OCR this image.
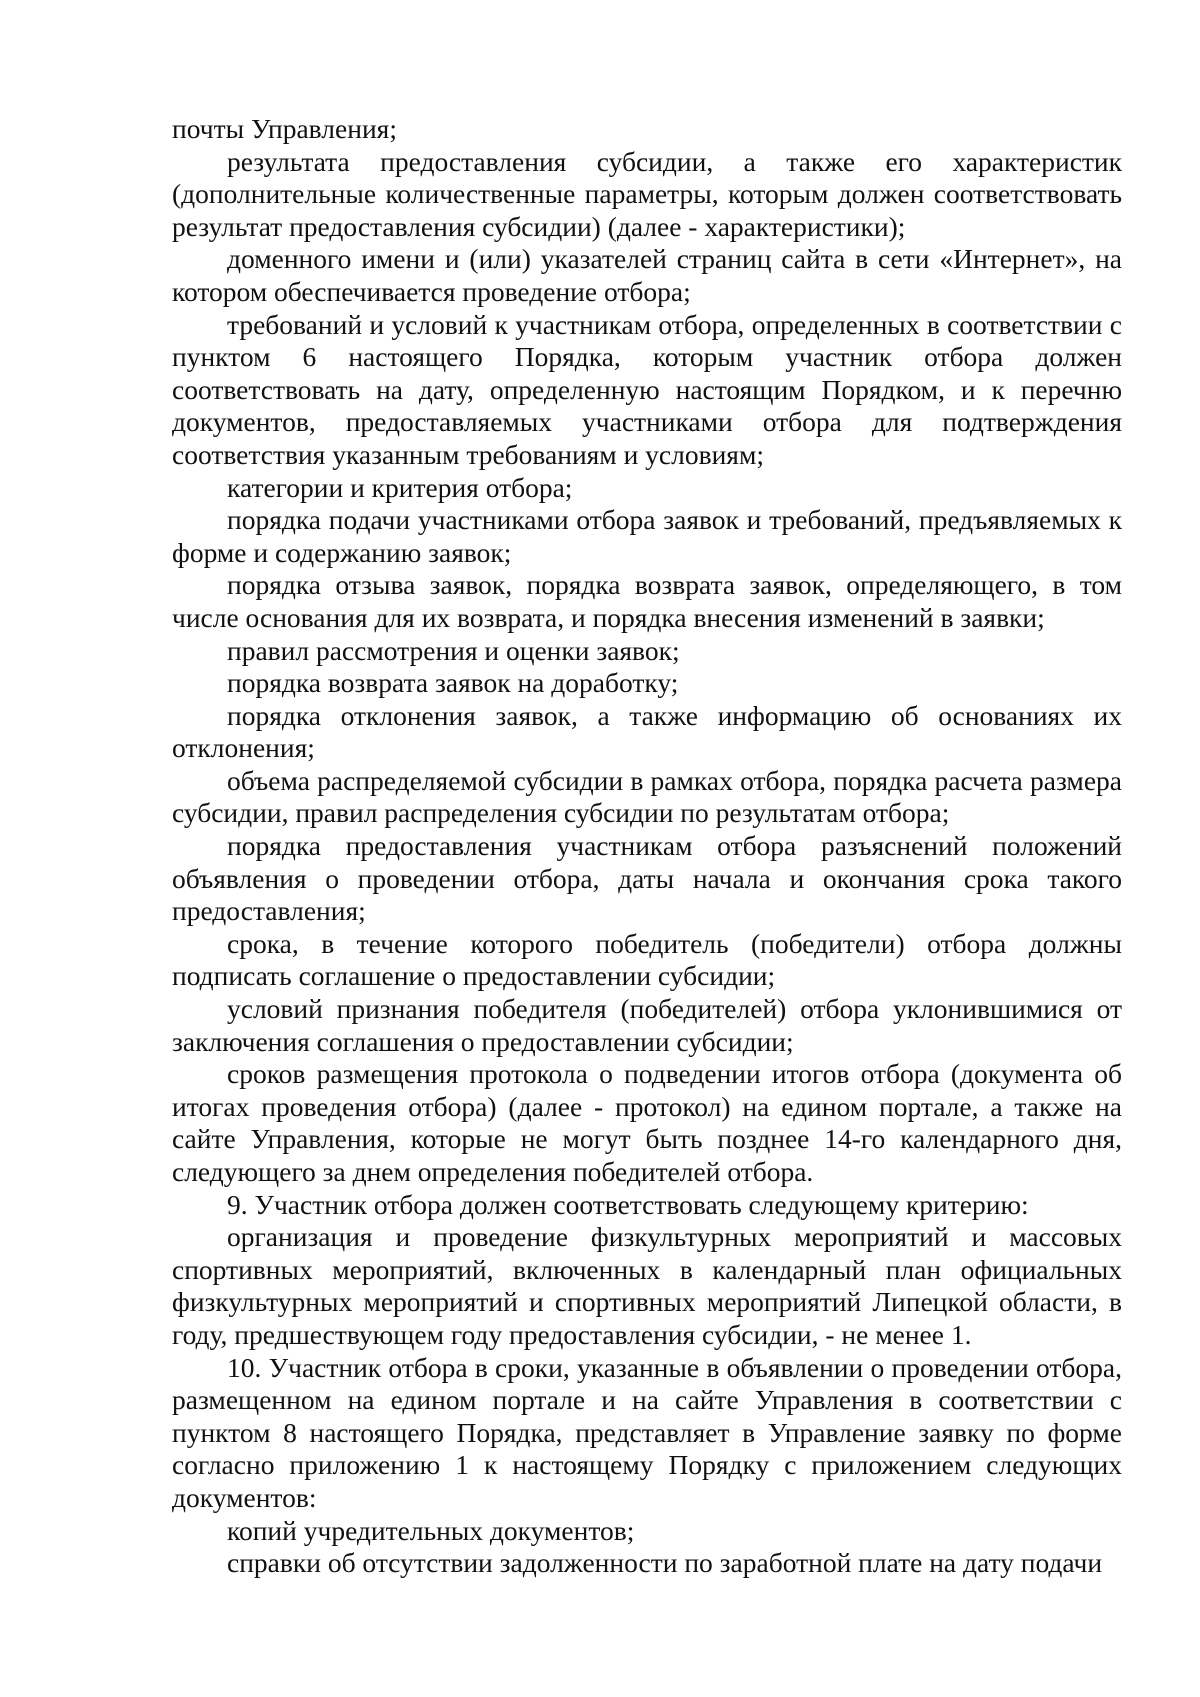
почты Управления;

результата предоставления субсидии, а также его характеристик (дополнительные количественные параметры, которым должен соответствовать результат предоставления субсидии) (далее - характеристики);

доменного имени и (или) указателей страниц сайта в сети «Интернет», на котором обеспечивается проведение отбора;

требований и условий к участникам отбора, определенных в соответствии с пунктом 6 настоящего Порядка, которым участник отбора должен соответствовать на дату, определенную настоящим Порядком, и к перечню документов, предоставляемых участниками отбора для подтверждения соответствия указанным требованиям и условиям;

категории и критерия отбора;

порядка подачи участниками отбора заявок и требований, предъявляемых к форме и содержанию заявок;

порядка отзыва заявок, порядка возврата заявок, определяющего, в том числе основания для их возврата, и порядка внесения изменений в заявки;

правил рассмотрения и оценки заявок;

порядка возврата заявок на доработку;

порядка отклонения заявок, а также информацию об основаниях их отклонения;

объема распределяемой субсидии в рамках отбора, порядка расчета размера субсидии, правил распределения субсидии по результатам отбора;

порядка предоставления участникам отбора разъяснений положений объявления о проведении отбора, даты начала и окончания срока такого предоставления;

срока, в течение которого победитель (победители) отбора должны подписать соглашение о предоставлении субсидии;

условий признания победителя (победителей) отбора уклонившимися от заключения соглашения о предоставлении субсидии;

сроков размещения протокола о подведении итогов отбора (документа об итогах проведения отбора) (далее - протокол) на едином портале, а также на сайте Управления, которые не могут быть позднее 14-го календарного дня, следующего за днем определения победителей отбора.

9. Участник отбора должен соответствовать следующему критерию:

организация и проведение физкультурных мероприятий и массовых спортивных мероприятий, включенных в календарный план официальных физкультурных мероприятий и спортивных мероприятий Липецкой области, в году, предшествующем году предоставления субсидии, - не менее 1.

10. Участник отбора в сроки, указанные в объявлении о проведении отбора, размещенном на едином портале и на сайте Управления в соответствии с пунктом 8 настоящего Порядка, представляет в Управление заявку по форме согласно приложению 1 к настоящему Порядку с приложением следующих документов:

копий учредительных документов;

справки об отсутствии задолженности по заработной плате на дату подачи
